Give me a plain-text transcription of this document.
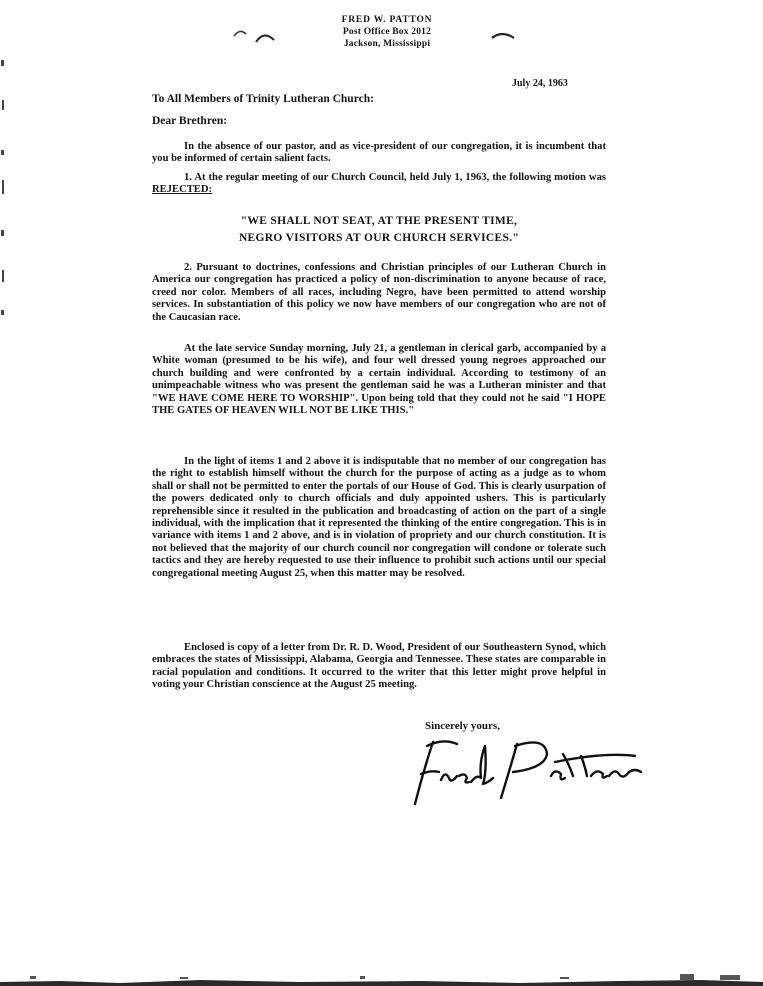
FRED W. PATTON
Post Office Box 2012
Jackson, Mississippi
July 24, 1963
To All Members of Trinity Lutheran Church:
Dear Brethren:

In the absence of our pastor, and as vice-president of our congregation, it is incumbent that you be informed of certain salient facts.

1. At the regular meeting of our Church Council, held July 1, 1963, the following motion was REJECTED:

"WE SHALL NOT SEAT, AT THE PRESENT TIME,
NEGRO VISITORS AT OUR CHURCH SERVICES."

2. Pursuant to doctrines, confessions and Christian principles of our Lutheran Church in America our congregation has practiced a policy of non-discrimination to anyone because of race, creed nor color. Members of all races, including Negro, have been permitted to attend worship services. In substantiation of this policy we now have members of our congregation who are not of the Caucasian race.

At the late service Sunday morning, July 21, a gentleman in clerical garb, accompanied by a White woman (presumed to be his wife), and four well dressed young negroes approached our church building and were confronted by a certain individual. According to testimony of an unimpeachable witness who was present the gentleman said he was a Lutheran minister and that "WE HAVE COME HERE TO WORSHIP". Upon being told that they could not he said "I HOPE THE GATES OF HEAVEN WILL NOT BE LIKE THIS."

In the light of items 1 and 2 above it is indisputable that no member of our congregation has the right to establish himself without the church for the purpose of acting as a judge as to whom shall or shall not be permitted to enter the portals of our House of God. This is clearly usurpation of the powers dedicated only to church officials and duly appointed ushers. This is particularly reprehensible since it resulted in the publication and broadcasting of action on the part of a single individual, with the implication that it represented the thinking of the entire congregation. This is in variance with items 1 and 2 above, and is in violation of propriety and our church constitution. It is not believed that the majority of our church council nor congregation will condone or tolerate such tactics and they are hereby requested to use their influence to prohibit such actions until our special congregational meeting August 25, when this matter may be resolved.

Enclosed is copy of a letter from Dr. R. D. Wood, President of our Southeastern Synod, which embraces the states of Mississippi, Alabama, Georgia and Tennessee. These states are comparable in racial population and conditions. It occurred to the writer that this letter might prove helpful in voting your Christian conscience at the August 25 meeting.

Sincerely yours,
